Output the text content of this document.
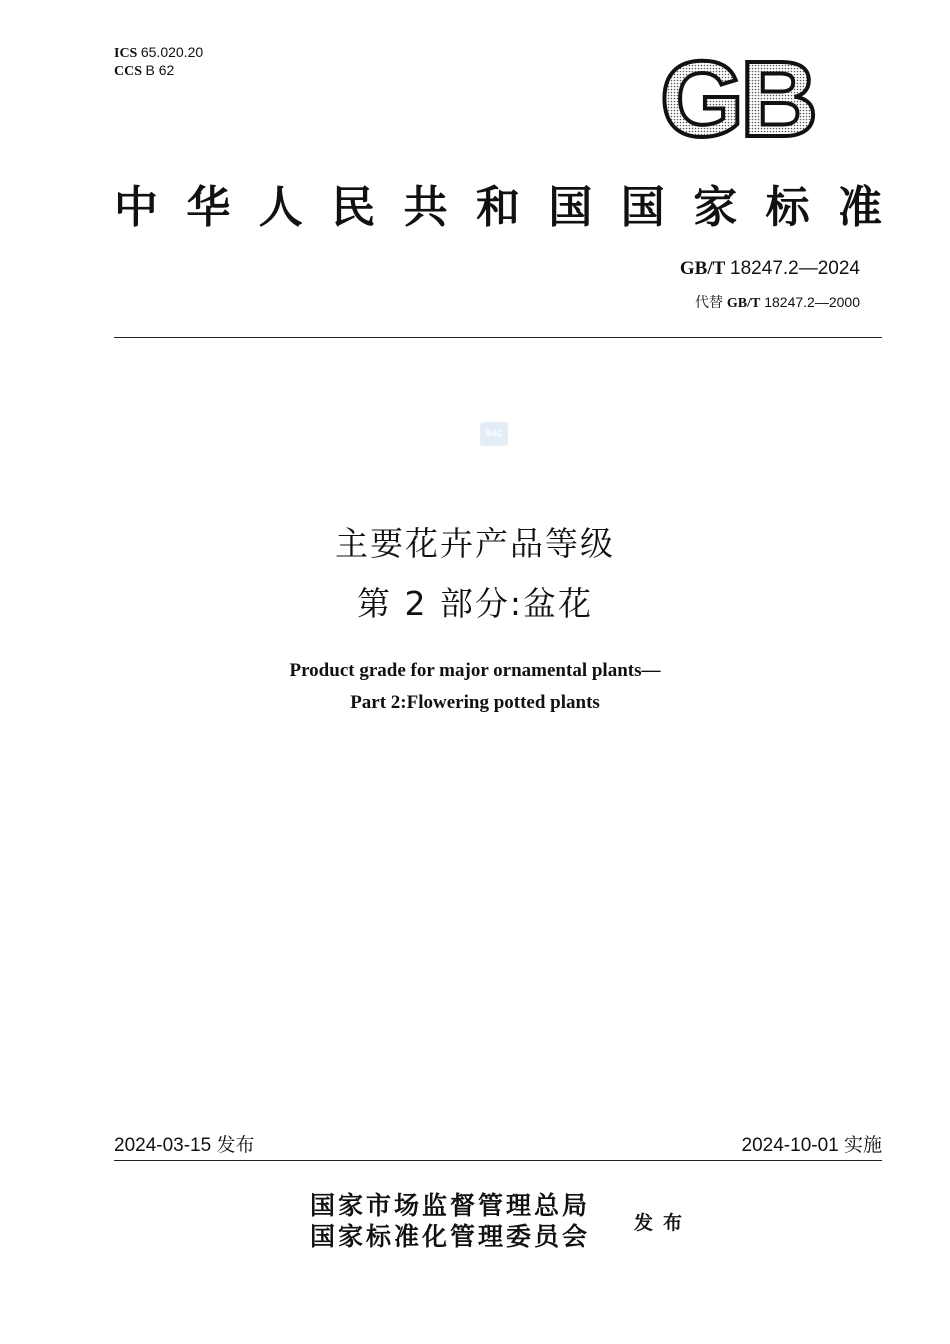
ICS 65.020.20
CCS B 62	GB
中华人民共和国国家标准
GB/T 18247.2—2024
代替 GB/T 18247.2—2000
SAC
主要花卉产品等级
第 2 部分:盆花
Product grade for major ornamental plants—
Part 2:Flowering potted plants
2024-03-15 发布	2024-10-01 实施
国家市场监督管理总局
国家标准化管理委员会 发布
